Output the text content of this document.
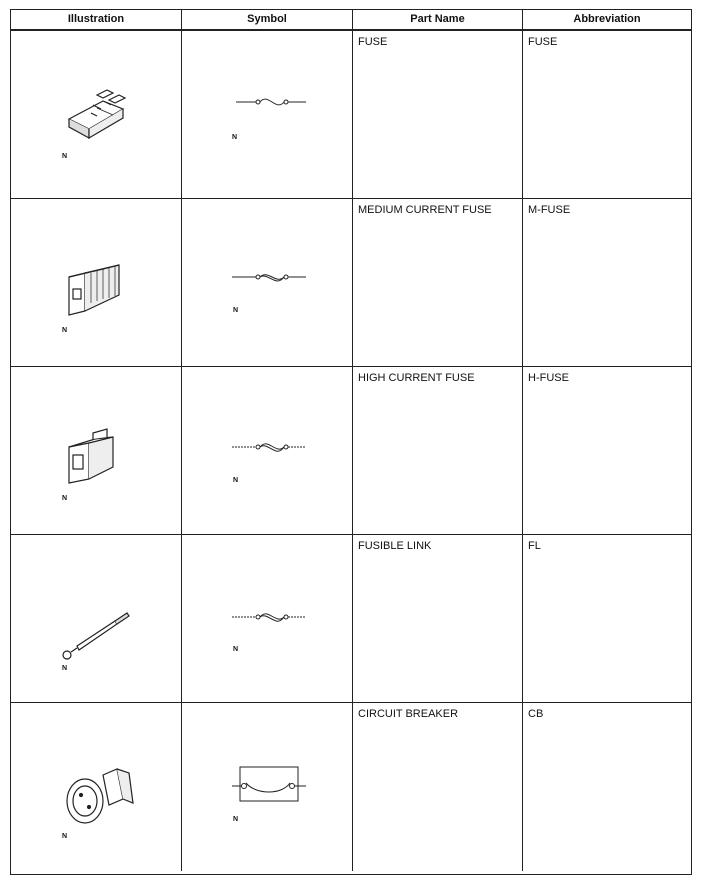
Illustration	Symbol	Part Name	Abbreviation
N
N
FUSE	FUSE
N
N
MEDIUM CURRENT FUSE	M-FUSE
N
N
HIGH CURRENT FUSE	H-FUSE
N
N
FUSIBLE LINK	FL
N
N
CIRCUIT BREAKER	CB
